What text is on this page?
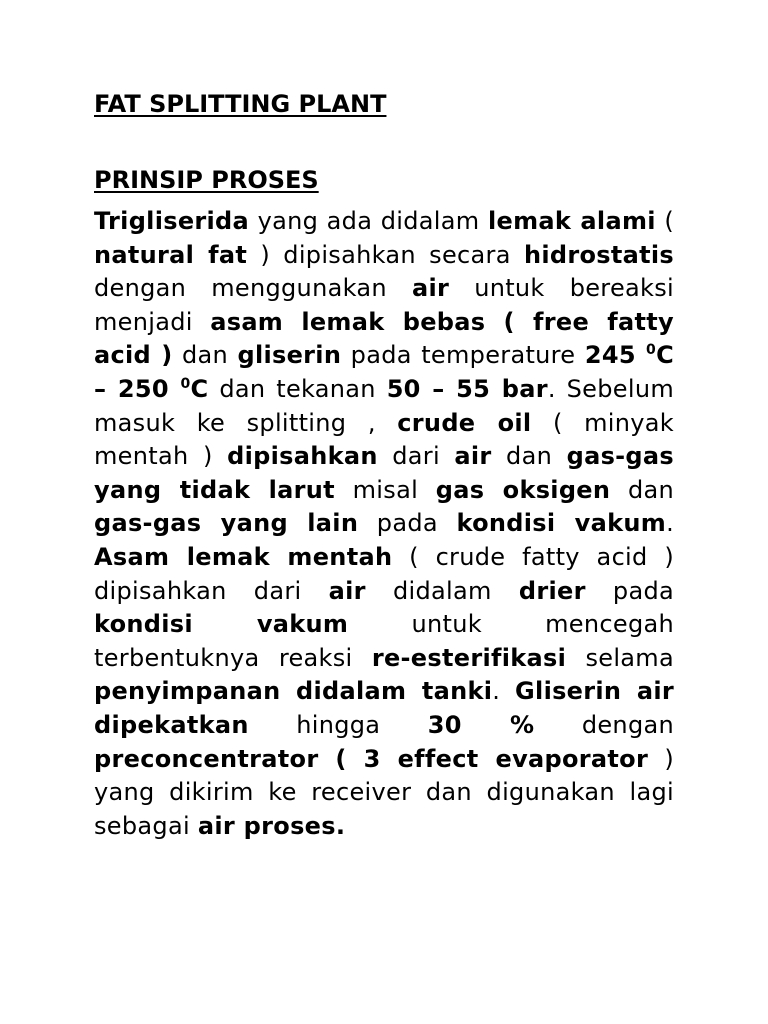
FAT SPLITTING PLANT
PRINSIP PROSES

Trigliserida yang ada didalam lemak alami ( natural fat ) dipisahkan secara hidrostatis dengan menggunakan air untuk bereaksi menjadi asam lemak bebas ( free fatty acid ) dan gliserin pada temperature 245 $^0$C – 250 $^0$C dan tekanan 50 – 55 bar. Sebelum masuk ke splitting , crude oil ( minyak mentah ) dipisahkan dari air dan gas-gas yang tidak larut misal gas oksigen dan gas-gas yang lain pada kondisi vakum. Asam lemak mentah ( crude fatty acid ) dipisahkan dari air didalam drier pada kondisi vakum untuk mencegah terbentuknya reaksi re-esterifikasi selama penyimpanan didalam tanki. Gliserin air dipekatkan hingga 30 % dengan preconcentrator ( 3 effect evaporator ) yang dikirim ke receiver dan digunakan lagi sebagai air proses.
